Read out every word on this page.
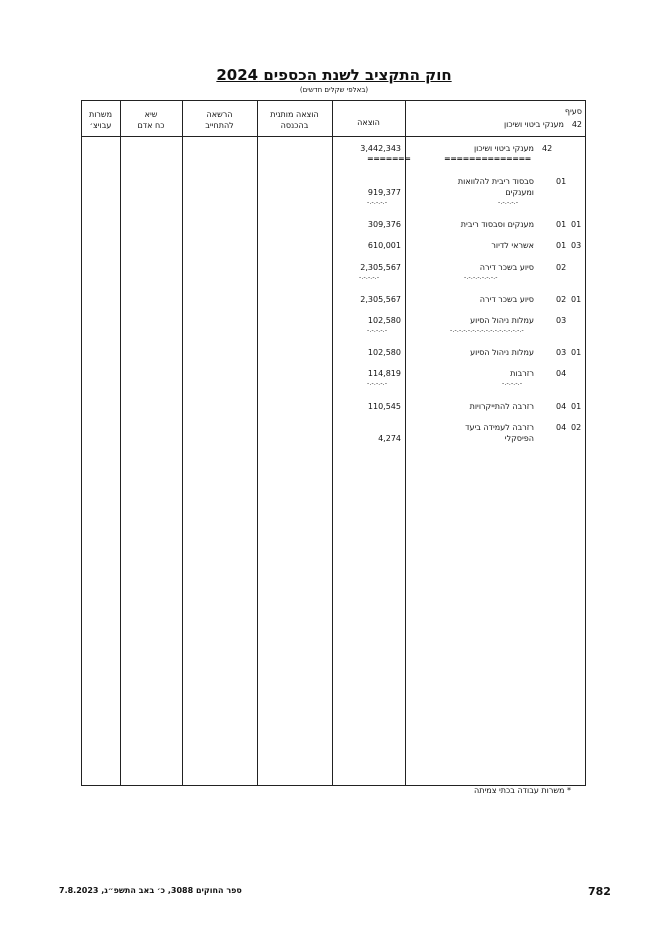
חוק התקציב לשנת הכספים 2024
(באלפי שקלים חדשים)
משרות
עבויצ׳
שיא
כח אדם
הרשאה
להתחייב
הוצאה מותנית
בהכנסה	הוצאה
סעיף
42
מענקי ביטוי ושיכון
42
מענקי ביטוי ושיכון
==============
3,442,343
=======
01
סבסוד ריבית להלוואות
ומענקים
-.-.-.-.-
919,377
-.-.-.-.-
01 01
מענקים וסבסוד ריבית
309,376
01 03
אשראי לדיור
610,001
02
סיוע בשכר דירה
-.-.-.-.-.-.-.-
2,305,567
-.-.-.-.-
02 01
סיוע בשכר דירה
2,305,567
03
עמלות ניהול הסיוע
-.-.-.-.-.-.-.-.-.-.-.-.-.-.-.-.-
102,580
-.-.-.-.-
03 01
עמלות ניהול הסיוע
102,580
04
רזרבות
-.-.-.-.-
114,819
-.-.-.-.-
04 01
רזרבה להתייקרויות
110,545
04 02
רזרבה לעמידה ביעד
הפיסקלי
4,274
* משרות עבודה בכתי צמיתה
782
ספר החוקים 3088, כ׳ באב התשפ״ג, 7.8.2023
